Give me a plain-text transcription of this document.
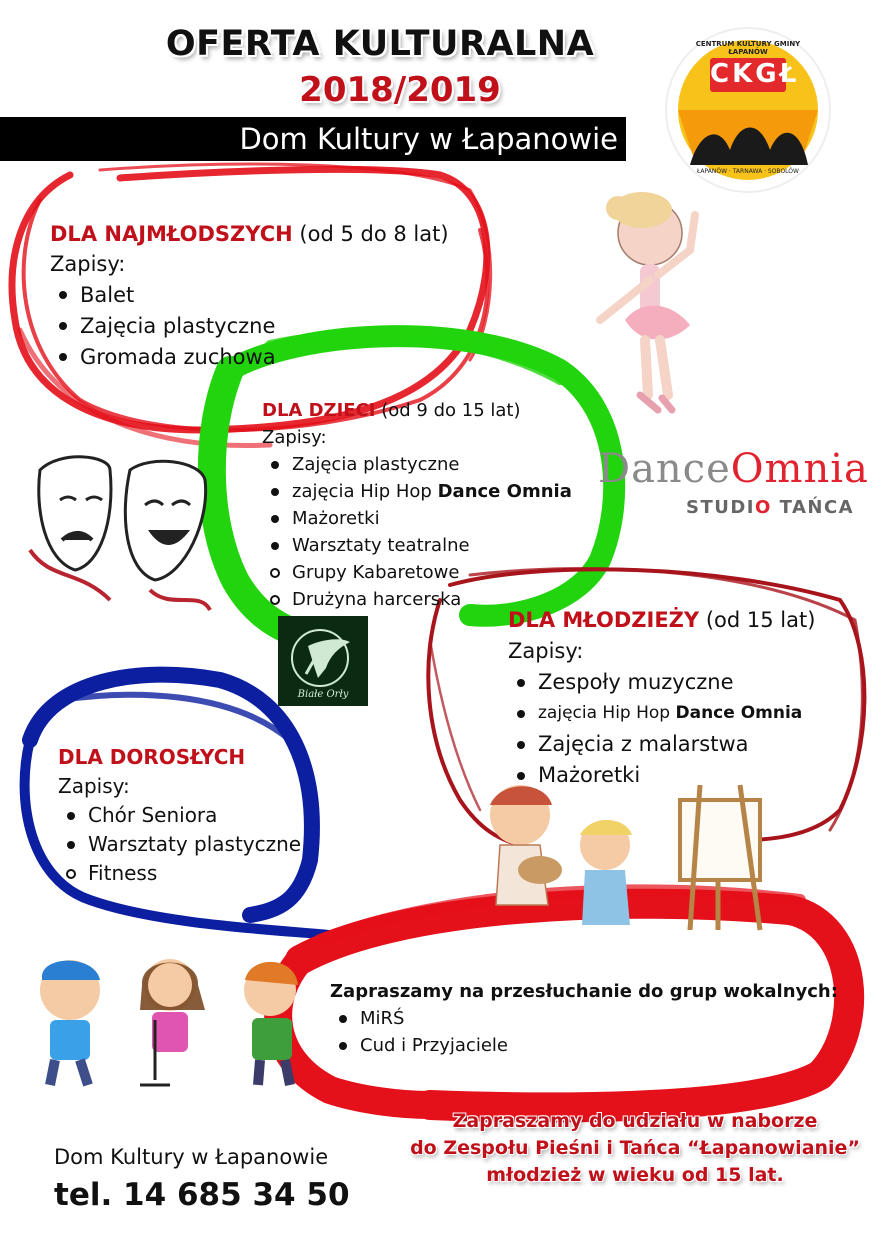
CKGŁ
CENTRUM KULTURY GMINY ŁAPANÓW
ŁAPANÓW · TARNAWA · SOBOLÓW
OFERTA KULTURALNA
2018/2019
Dom Kultury w Łapanowie
DLA NAJMŁODSZYCH (od 5 do 8 lat)
Zapisy:
Balet
Zajęcia plastyczne
Gromada zuchowa
DLA DZIECI (od 9 do 15 lat)
Zapisy:
Zajęcia plastyczne
zajęcia Hip Hop Dance Omnia
Mażoretki
Warsztaty teatralne
Grupy Kabaretowe
Drużyna harcerska
DanceOmnia
STUDIO TAŃCA
Białe Orły
DLA MŁODZIEŻY (od 15 lat)
Zapisy:
Zespoły muzyczne
zajęcia Hip Hop Dance Omnia
Zajęcia z malarstwa
Mażoretki
DLA DOROSŁYCH
Zapisy:
Chór Seniora
Warsztaty plastyczne
Fitness
Zapraszamy na przesłuchanie do grup wokalnych:
MiRŚ
Cud i Przyjaciele
Zapraszamy do udziału w naborze
do Zespołu Pieśni i Tańca “Łapanowianie”
młodzież w wieku od 15 lat.
Dom Kultury w Łapanowie
tel. 14 685 34 50
